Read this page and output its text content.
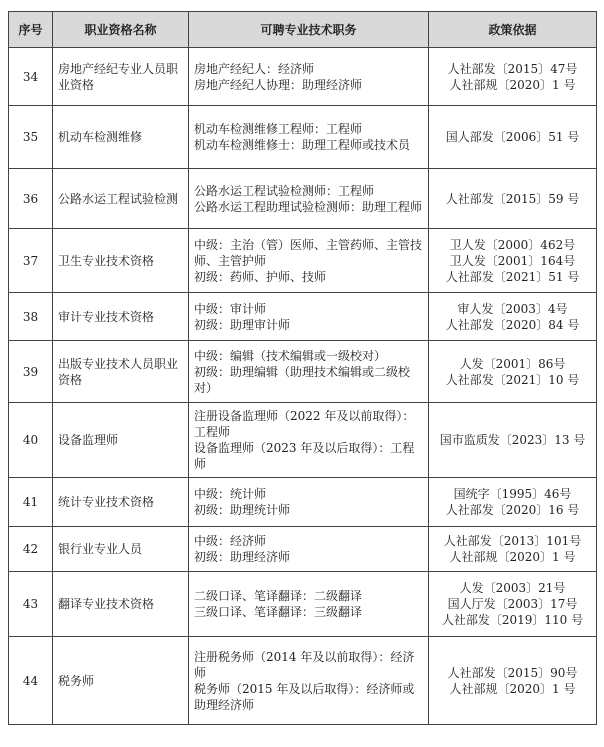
序号	职业资格名称	可聘专业技术职务	政策依据
34	房地产经纪专业人员职业资格	房地产经纪人：经济师
房地产经纪人协理：助理经济师	人社部发〔2015〕47号
人社部规〔2020〕1 号

35	机动车检测维修	机动车检测维修工程师：工程师
机动车检测维修士：助理工程师或技术员	国人部发〔2006〕51 号

36	公路水运工程试验检测	公路水运工程试验检测师：工程师
公路水运工程助理试验检测师：助理工程师	人社部发〔2015〕59 号

37	卫生专业技术资格	中级：主治（管）医师、主管药师、主管技师、主管护师
初级：药师、护师、技师	卫人发〔2000〕462号
卫人发〔2001〕164号
人社部发〔2021〕51 号

38	审计专业技术资格	中级：审计师
初级：助理审计师	审人发〔2003〕4号
人社部发〔2020〕84 号

39	出版专业技术人员职业资格	中级：编辑（技术编辑或一级校对）
初级：助理编辑（助理技术编辑或二级校对）	人发〔2001〕86号
人社部发〔2021〕10 号

40	设备监理师	注册设备监理师（2022 年及以前取得）：工程师
设备监理师（2023 年及以后取得）：工程师	国市监质发〔2023〕13 号

41	统计专业技术资格	中级：统计师
初级：助理统计师	国统字〔1995〕46号
人社部发〔2020〕16 号

42	银行业专业人员	中级：经济师
初级：助理经济师	人社部发〔2013〕101号
人社部规〔2020〕1 号

43	翻译专业技术资格	二级口译、笔译翻译：二级翻译
三级口译、笔译翻译：三级翻译	人发〔2003〕21号
国人厅发〔2003〕17号
人社部发〔2019〕110 号

44	税务师	注册税务师（2014 年及以前取得）：经济师
税务师（2015 年及以后取得）：经济师或助理经济师	人社部发〔2015〕90号
人社部规〔2020〕1 号
